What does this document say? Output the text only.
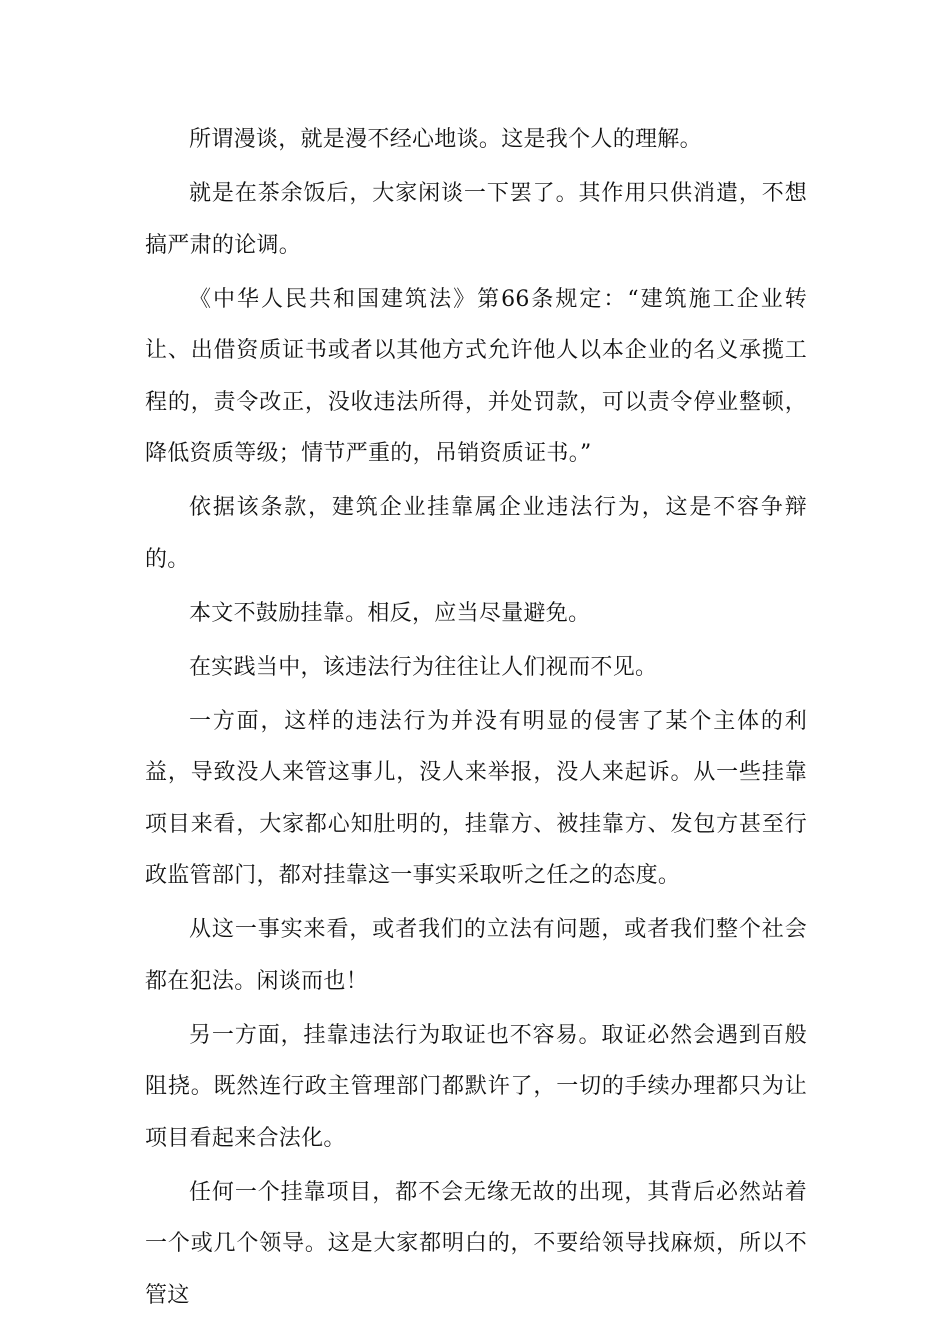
所谓漫谈，就是漫不经心地谈。这是我个人的理解。

就是在茶余饭后，大家闲谈一下罢了。其作用只供消遣，不想搞严肃的论调。

《中华人民共和国建筑法》第66条规定：“建筑施工企业转让、出借资质证书或者以其他方式允许他人以本企业的名义承揽工程的，责令改正，没收违法所得，并处罚款，可以责令停业整顿，降低资质等级；情节严重的，吊销资质证书。”

依据该条款，建筑企业挂靠属企业违法行为，这是不容争辩的。

本文不鼓励挂靠。相反，应当尽量避免。

在实践当中，该违法行为往往让人们视而不见。

一方面，这样的违法行为并没有明显的侵害了某个主体的利益，导致没人来管这事儿，没人来举报，没人来起诉。从一些挂靠项目来看，大家都心知肚明的，挂靠方、被挂靠方、发包方甚至行政监管部门，都对挂靠这一事实采取听之任之的态度。

从这一事实来看，或者我们的立法有问题，或者我们整个社会都在犯法。闲谈而也！

另一方面，挂靠违法行为取证也不容易。取证必然会遇到百般阻挠。既然连行政主管理部门都默许了，一切的手续办理都只为让项目看起来合法化。

任何一个挂靠项目，都不会无缘无故的出现，其背后必然站着一个或几个领导。这是大家都明白的，不要给领导找麻烦，所以不管这
